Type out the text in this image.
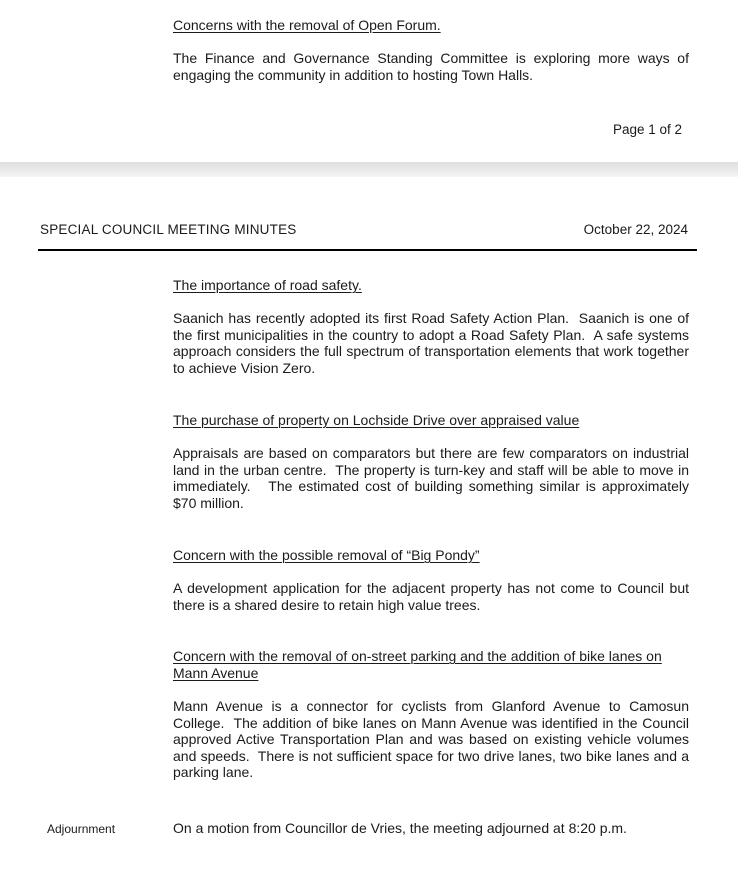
Concerns with the removal of Open Forum.

The Finance and Governance Standing Committee is exploring more ways of engaging the community in addition to hosting Town Halls.

Page 1 of 2
SPECIAL COUNCIL MEETING MINUTES	October 22, 2024
The importance of road safety.

Saanich has recently adopted its first Road Safety Action Plan.  Saanich is one of the first municipalities in the country to adopt a Road Safety Plan.  A safe systems approach considers the full spectrum of transportation elements that work together to achieve Vision Zero.

The purchase of property on Lochside Drive over appraised value

Appraisals are based on comparators but there are few comparators on industrial land in the urban centre.  The property is turn-key and staff will be able to move in immediately.   The estimated cost of building something similar is approximately $70 million.

Concern with the possible removal of “Big Pondy”

A development application for the adjacent property has not come to Council but there is a shared desire to retain high value trees.

Concern with the removal of on-street parking and the addition of bike lanes on Mann Avenue

Mann Avenue is a connector for cyclists from Glanford Avenue to Camosun College.  The addition of bike lanes on Mann Avenue was identified in the Council approved Active Transportation Plan and was based on existing vehicle volumes and speeds.  There is not sufficient space for two drive lanes, two bike lanes and a parking lane.

Adjournment	On a motion from Councillor de Vries, the meeting adjourned at 8:20 p.m.
